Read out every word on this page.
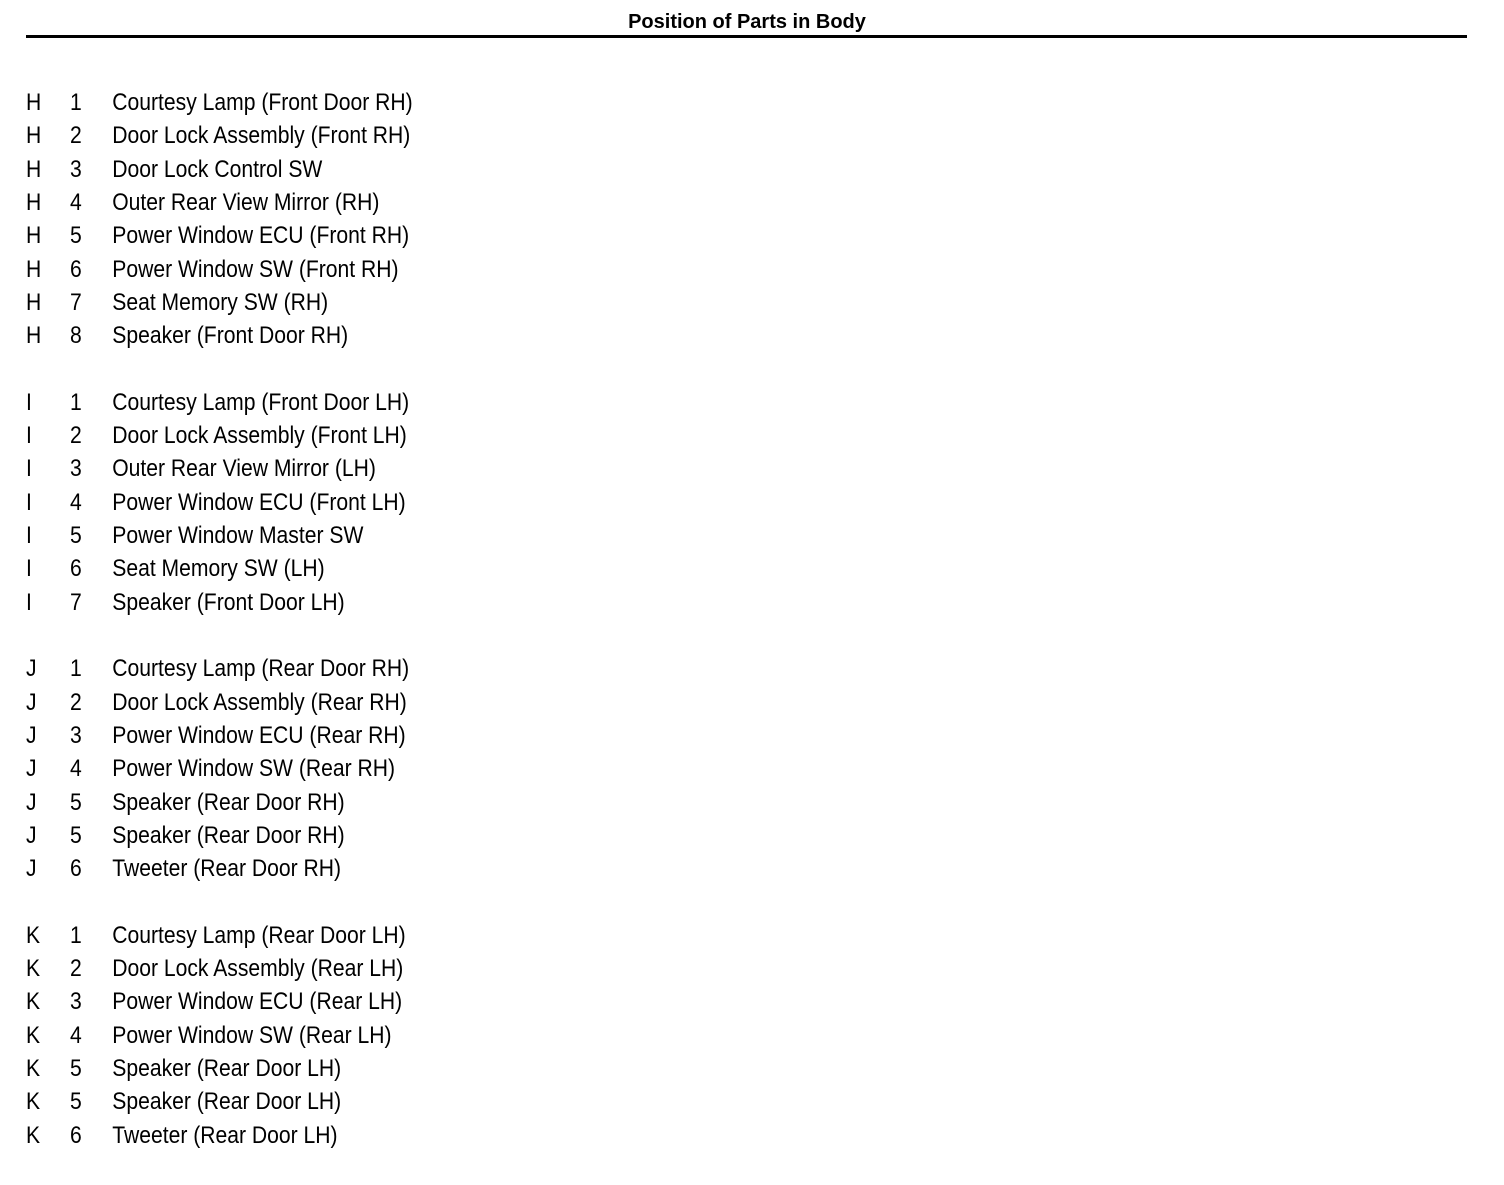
Position of Parts in Body
H 1 Courtesy Lamp (Front Door RH)
H 2 Door Lock Assembly (Front RH)
H 3 Door Lock Control SW
H 4 Outer Rear View Mirror (RH)
H 5 Power Window ECU (Front RH)
H 6 Power Window SW (Front RH)
H 7 Seat Memory SW (RH)
H 8 Speaker (Front Door RH)
I 1 Courtesy Lamp (Front Door LH)
I 2 Door Lock Assembly (Front LH)
I 3 Outer Rear View Mirror (LH)
I 4 Power Window ECU (Front LH)
I 5 Power Window Master SW
I 6 Seat Memory SW (LH)
I 7 Speaker (Front Door LH)
J 1 Courtesy Lamp (Rear Door RH)
J 2 Door Lock Assembly (Rear RH)
J 3 Power Window ECU (Rear RH)
J 4 Power Window SW (Rear RH)
J 5 Speaker (Rear Door RH)
J 5 Speaker (Rear Door RH)
J 6 Tweeter (Rear Door RH)
K 1 Courtesy Lamp (Rear Door LH)
K 2 Door Lock Assembly (Rear LH)
K 3 Power Window ECU (Rear LH)
K 4 Power Window SW (Rear LH)
K 5 Speaker (Rear Door LH)
K 5 Speaker (Rear Door LH)
K 6 Tweeter (Rear Door LH)
